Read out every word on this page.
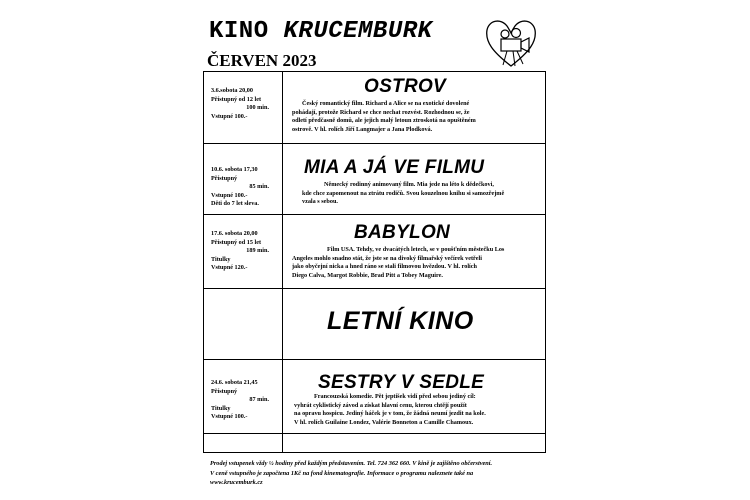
KINO KRUCEMBURK
ČERVEN 2023
3.6.sobota 20,00
Přístupný od 12 let
100 min.
Vstupné 100.-
OSTROV
Český romantický film. Richard a Alice se na exotické dovolené
pohádají, protože Richard se chce nechat rozvést. Rozhodnou se, že
odletí předčasně domů, ale jejich malý letoun ztroskotá na opuštěném
ostrově. V hl. rolích Jiří Langmajer a Jana Plodková.
10.6. sobota 17,30
Přístupný
85 min.
Vstupné 100.-
Děti do 7 let sleva.
MIA A JÁ VE FILMU
Německý rodinný animovaný film. Mia jede na léto k dědečkovi,
kde chce zapomenout na ztrátu rodičů. Svou kouzelnou knihu si samozřejmě
vzala s sebou.
17.6. sobota 20,00
Přístupný od 15 let
189 min.
Titulky
Vstupné 120.-
BABYLON
Film USA. Tehdy, ve dvacátých letech, se v poušťním městečku Los
Angeles mohlo snadno stát, že jste se na divoký filmařský večírek vetřeli
jako obyčejní nicka a hned ráno se stali filmovou hvězdou. V hl. rolích
Diego Calva, Margot Robbie, Brad Pitt a Tobey Maguire.
LETNÍ KINO
24.6. sobota 21,45
Přístupný
87 min.
Titulky
Vstupné 100.-
SESTRY V SEDLE
Francouzská komedie. Pět jeptišek vidí před sebou jediný cíl:
vyhrát cyklistický závod a získat hlavní cenu, kterou chtějí použít
na opravu hospicu. Jediný háček je v tom, že žádná neumí jezdit na kole.
V hl. rolích Guilaine Londez, Valérie Bonneton a Camille Chamoux.
Prodej vstupenek vždy ½ hodiny před každým představením. Tel. 724 362 660. V kině je zajištěno občerstvení.
V ceně vstupného je započtena 1Kč na fond kinematografie. Informace o programu naleznete také na
www.krucemburk.cz
